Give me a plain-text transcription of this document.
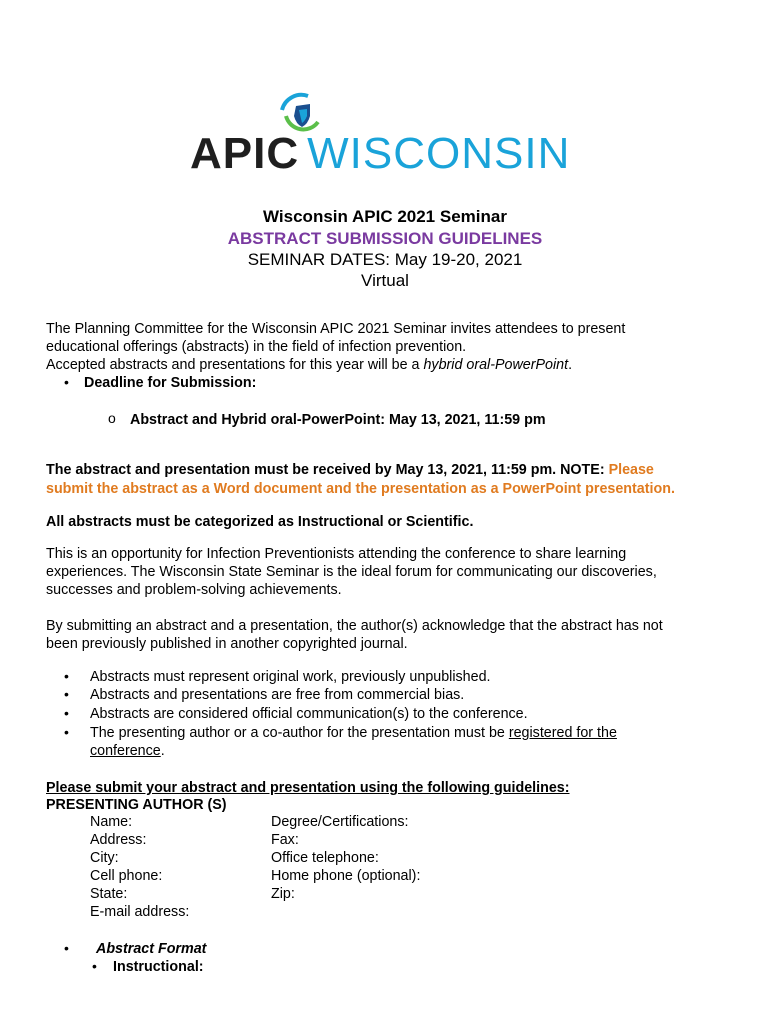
APIC WISCONSIN
Wisconsin APIC 2021 Seminar
ABSTRACT SUBMISSION GUIDELINES
SEMINAR DATES: May 19-20, 2021
Virtual
The Planning Committee for the Wisconsin APIC 2021 Seminar invites attendees to present
educational offerings (abstracts) in the field of infection prevention.
Accepted abstracts and presentations for this year will be a hybrid oral-PowerPoint.
• Deadline for Submission:
o Abstract and Hybrid oral-PowerPoint: May 13, 2021, 11:59 pm
The abstract and presentation must be received by May 13, 2021, 11:59 pm. NOTE: Please
submit the abstract as a Word document and the presentation as a PowerPoint presentation.
All abstracts must be categorized as Instructional or Scientific.
This is an opportunity for Infection Preventionists attending the conference to share learning
experiences. The Wisconsin State Seminar is the ideal forum for communicating our discoveries,
successes and problem-solving achievements.
By submitting an abstract and a presentation, the author(s) acknowledge that the abstract has not
been previously published in another copyrighted journal.
• Abstracts must represent original work, previously unpublished.
• Abstracts and presentations are free from commercial bias.
• Abstracts are considered official communication(s) to the conference.
• The presenting author or a co-author for the presentation must be registered for the
conference.
Please submit your abstract and presentation using the following guidelines:
PRESENTING AUTHOR (S)
Name:
Address:
City:
Cell phone:
State:
E-mail address:
Degree/Certifications:
Fax:
Office telephone:
Home phone (optional):
Zip:
• Abstract Format
• Instructional:
